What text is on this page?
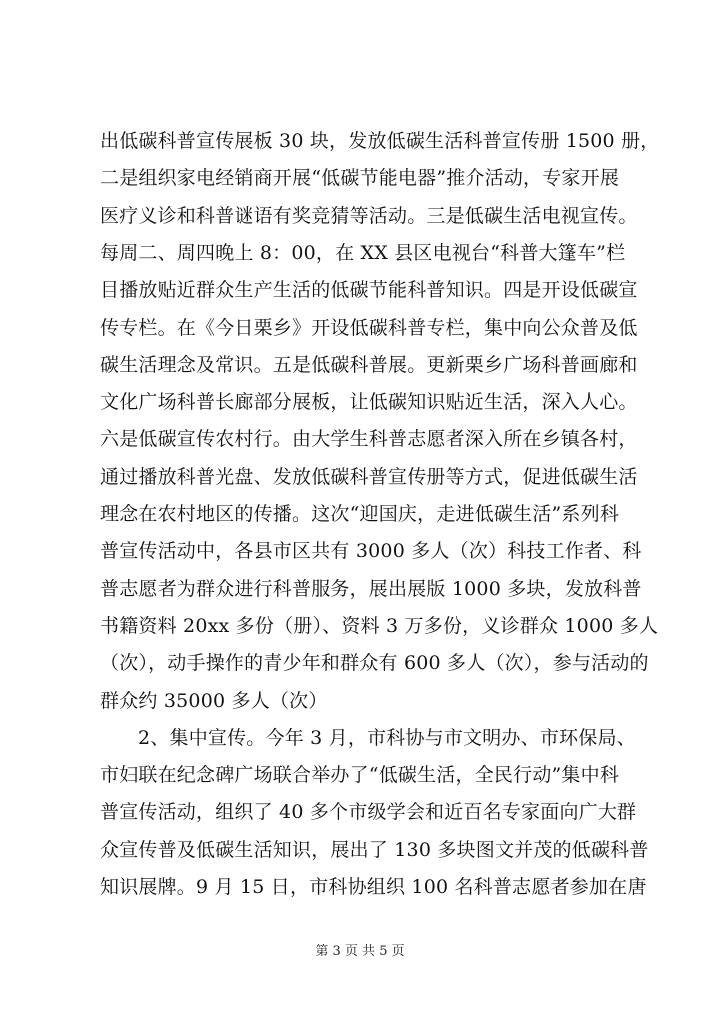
出低碳科普宣传展板 30 块，发放低碳生活科普宣传册 1500 册，
二是组织家电经销商开展“低碳节能电器”推介活动，专家开展
医疗义诊和科普谜语有奖竞猜等活动。三是低碳生活电视宣传。
每周二、周四晚上 8：00，在 XX 县区电视台“科普大篷车”栏
目播放贴近群众生产生活的低碳节能科普知识。四是开设低碳宣
传专栏。在《今日栗乡》开设低碳科普专栏，集中向公众普及低
碳生活理念及常识。五是低碳科普展。更新栗乡广场科普画廊和
文化广场科普长廊部分展板，让低碳知识贴近生活，深入人心。
六是低碳宣传农村行。由大学生科普志愿者深入所在乡镇各村，
通过播放科普光盘、发放低碳科普宣传册等方式，促进低碳生活
理念在农村地区的传播。这次“迎国庆，走进低碳生活”系列科
普宣传活动中，各县市区共有 3000 多人（次）科技工作者、科
普志愿者为群众进行科普服务，展出展版 1000 多块，发放科普
书籍资料 20xx 多份（册）、资料 3 万多份，义诊群众 1000 多人
（次），动手操作的青少年和群众有 600 多人（次），参与活动的
群众约 35000 多人（次）
2、集中宣传。今年 3 月，市科协与市文明办、市环保局、
市妇联在纪念碑广场联合举办了“低碳生活，全民行动”集中科
普宣传活动，组织了 40 多个市级学会和近百名专家面向广大群
众宣传普及低碳生活知识，展出了 130 多块图文并茂的低碳科普
知识展牌。9 月 15 日，市科协组织 100 名科普志愿者参加在唐
第 3 页 共 5 页
